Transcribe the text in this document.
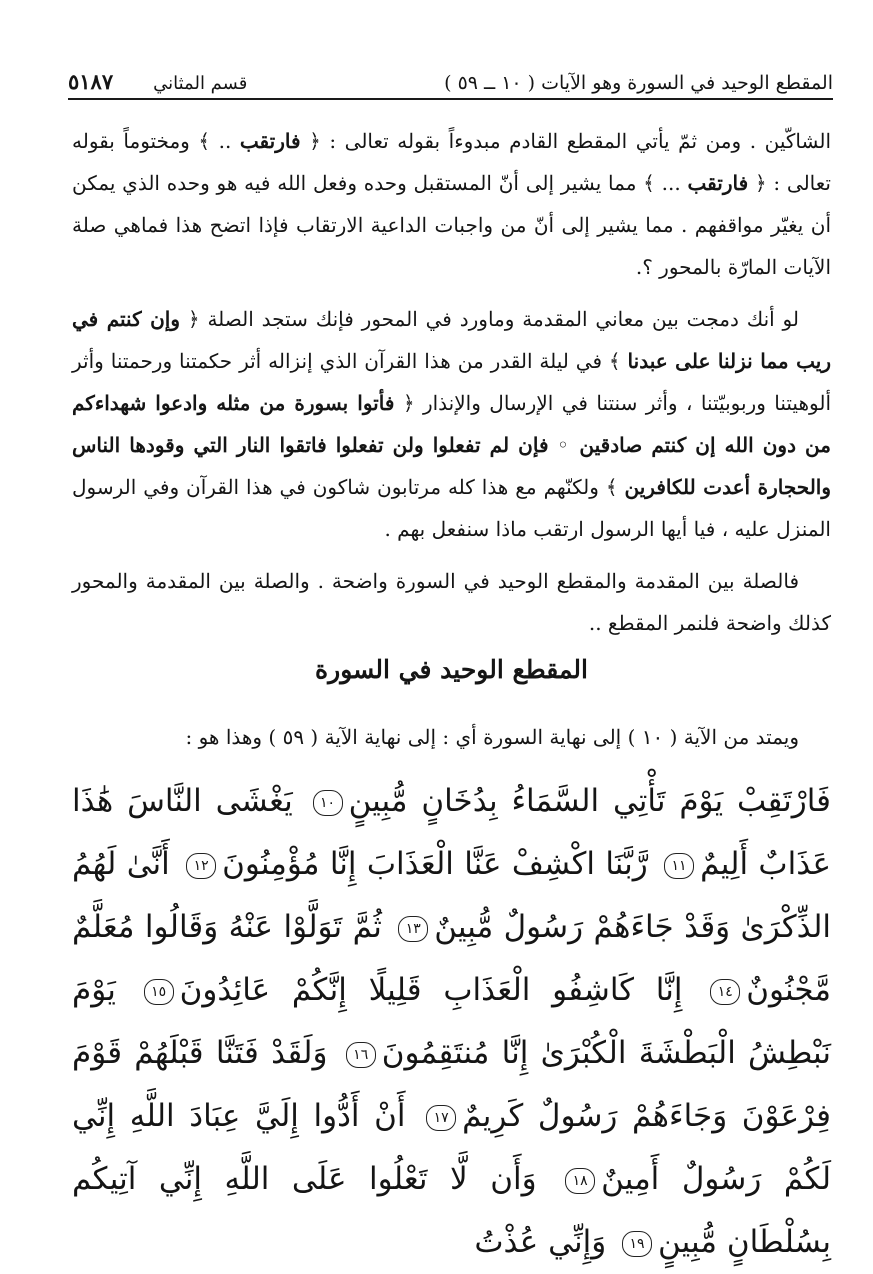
المقطع الوحيد في السورة وهو الآيات ( ١٠ ــ ٥٩ )
قسم المثاني
٥١٨٧

الشاكّين . ومن ثمّ يأتي المقطع القادم مبدوءاً بقوله تعالى : ﴿ فارتقب .. ﴾ ومختوماً بقوله تعالى : ﴿ فارتقب ... ﴾ مما يشير إلى أنّ المستقبل وحده وفعل الله فيه هو وحده الذي يمكن أن يغيّر مواقفهم . مما يشير إلى أنّ من واجبات الداعية الارتقاب فإذا اتضح هذا فماهي صلة الآيات المارّة بالمحور ؟.

لو أنك دمجت بين معاني المقدمة وماورد في المحور فإنك ستجد الصلة ﴿ وإن كنتم في ريب مما نزلنا على عبدنا ﴾ في ليلة القدر من هذا القرآن الذي إنزاله أثر حكمتنا ورحمتنا وأثر ألوهيتنا وربوبيّتنا ، وأثر سنتنا في الإرسال والإنذار ﴿ فأتوا بسورة من مثله وادعوا شهداءكم من دون الله إن كنتم صادقين ◦ فإن لم تفعلوا ولن تفعلوا فاتقوا النار التي وقودها الناس والحجارة أعدت للكافرين ﴾ ولكنّهم مع هذا كله مرتابون شاكون في هذا القرآن وفي الرسول المنزل عليه ، فيا أيها الرسول ارتقب ماذا سنفعل بهم .

فالصلة بين المقدمة والمقطع الوحيد في السورة واضحة . والصلة بين المقدمة والمحور كذلك واضحة فلنمر المقطع ..

المقطع الوحيد في السورة
ويمتد من الآية ( ١٠ ) إلى نهاية السورة أي : إلى نهاية الآية ( ٥٩ ) وهذا هو :
فَارْتَقِبْ يَوْمَ تَأْتِي السَّمَاءُ بِدُخَانٍ مُّبِينٍ١٠ يَغْشَى النَّاسَ هَٰذَا عَذَابٌ أَلِيمٌ١١ رَّبَّنَا اكْشِفْ عَنَّا الْعَذَابَ إِنَّا مُؤْمِنُونَ١٢ أَنَّىٰ لَهُمُ الذِّكْرَىٰ وَقَدْ جَاءَهُمْ رَسُولٌ مُّبِينٌ١٣ ثُمَّ تَوَلَّوْا عَنْهُ وَقَالُوا مُعَلَّمٌ مَّجْنُونٌ١٤ إِنَّا كَاشِفُو الْعَذَابِ قَلِيلًا إِنَّكُمْ عَائِدُونَ١٥ يَوْمَ نَبْطِشُ الْبَطْشَةَ الْكُبْرَىٰ إِنَّا مُنتَقِمُونَ١٦ وَلَقَدْ فَتَنَّا قَبْلَهُمْ قَوْمَ فِرْعَوْنَ وَجَاءَهُمْ رَسُولٌ كَرِيمٌ١٧ أَنْ أَدُّوا إِلَيَّ عِبَادَ اللَّهِ إِنِّي لَكُمْ رَسُولٌ أَمِينٌ١٨ وَأَن لَّا تَعْلُوا عَلَى اللَّهِ إِنِّي آتِيكُم بِسُلْطَانٍ مُّبِينٍ١٩ وَإِنِّي عُذْتُ
